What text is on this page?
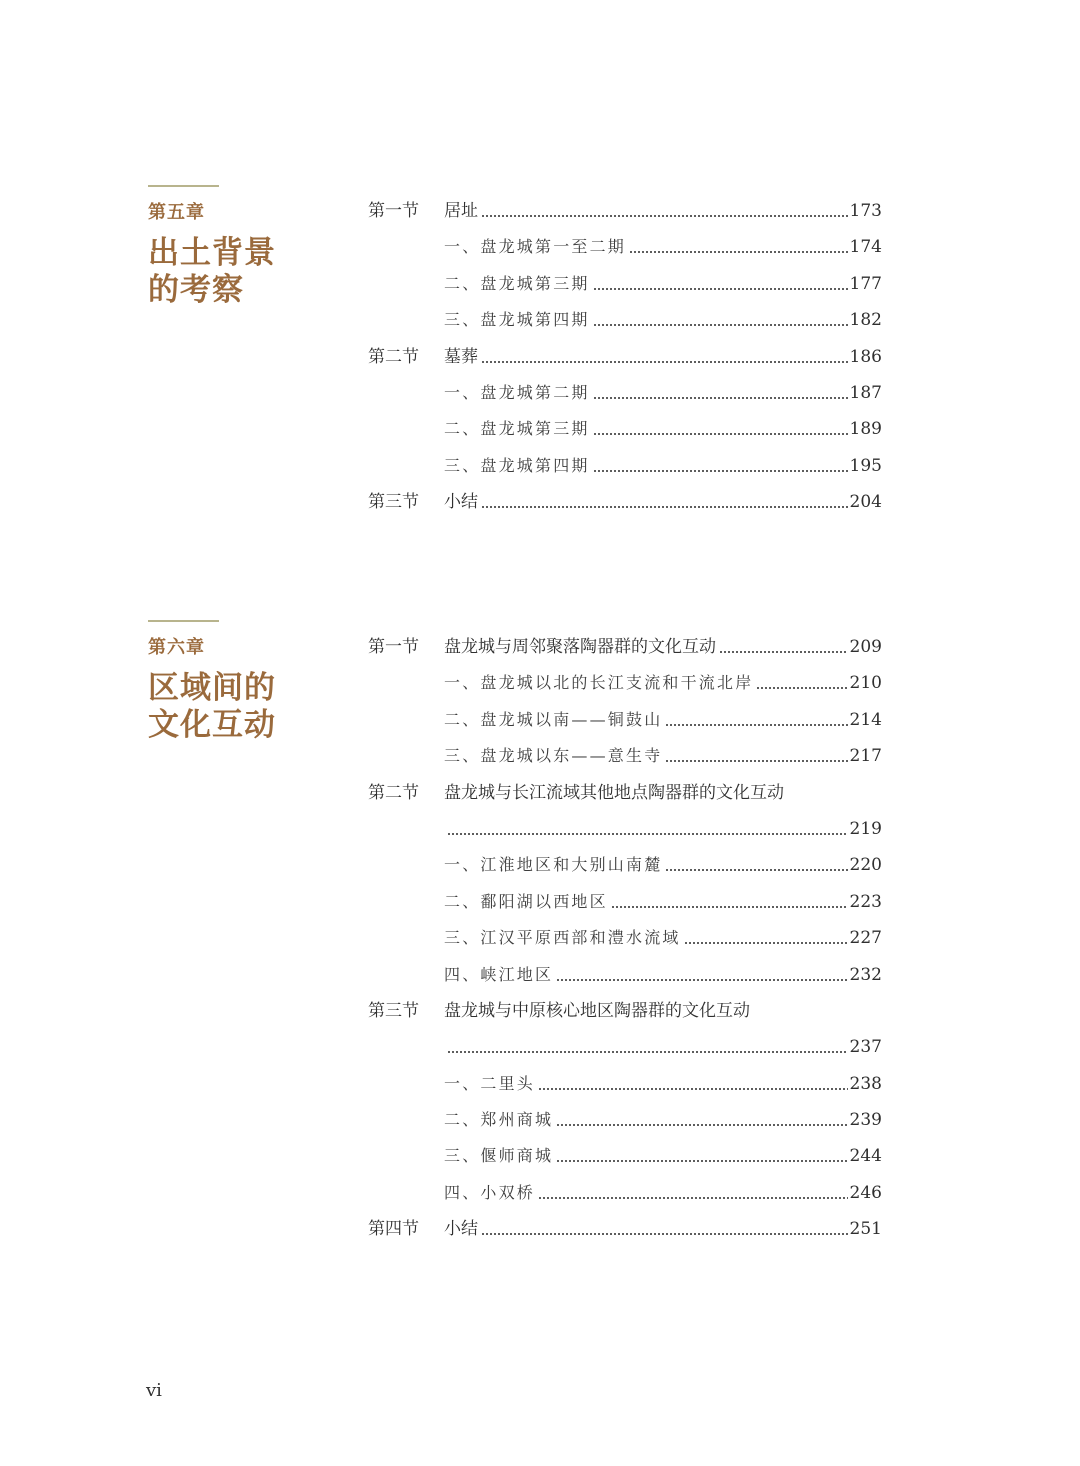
第五章
出土背景
的考察
第一节 居址	173
一、盘龙城第一至二期	174
二、盘龙城第三期	177
三、盘龙城第四期	182
第二节 墓葬	186
一、盘龙城第二期	187
二、盘龙城第三期	189
三、盘龙城第四期	195
第三节 小结	204
第六章
区域间的
文化互动
第一节 盘龙城与周邻聚落陶器群的文化互动	209
一、盘龙城以北的长江支流和干流北岸	210
二、盘龙城以南——铜鼓山	214
三、盘龙城以东——意生寺	217
第二节 盘龙城与长江流域其他地点陶器群的文化互动
219
一、江淮地区和大别山南麓	220
二、鄱阳湖以西地区	223
三、江汉平原西部和澧水流域	227
四、峡江地区	232
第三节 盘龙城与中原核心地区陶器群的文化互动
237
一、二里头	238
二、郑州商城	239
三、偃师商城	244
四、小双桥	246
第四节 小结	251
vi
